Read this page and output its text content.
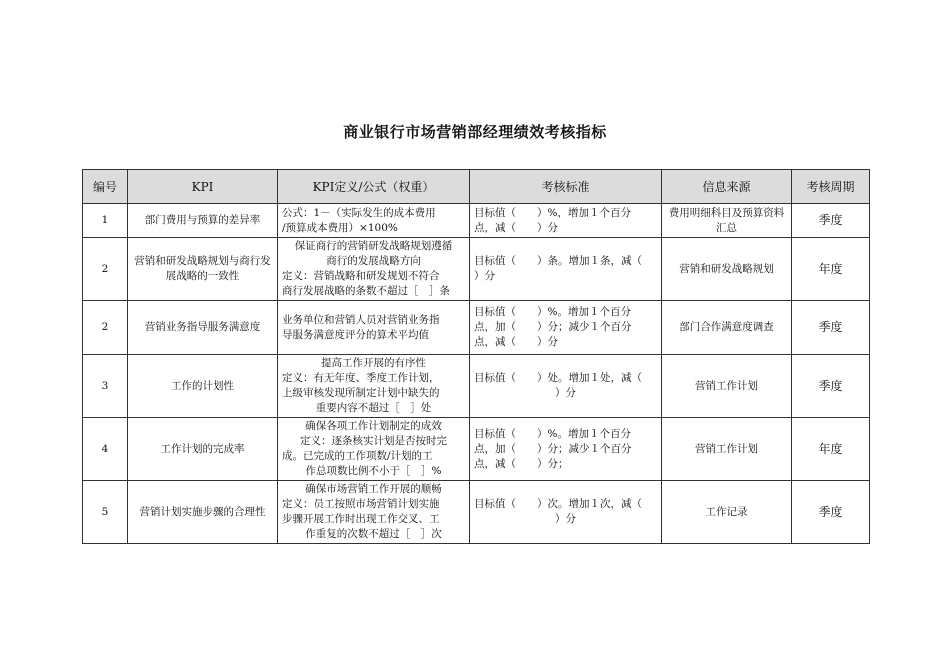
商业银行市场营销部经理绩效考核指标
编号	KPI	KPI定义/公式（权重）	考核标准	信息来源	考核周期
1	部门费用与预算的差异率	公式：1－（实际发生的成本费用
/预算成本费用）×100%	目标值（　　）%，增加１个百分
点，减（　　）分	费用明细科目及预算资料汇总	季度
2	营销和研发战略规划与商行发展战略的一致性	保证商行的营销研发战略规划遵循
商行的发展战略方向
定义：营销战略和研发规划不符合
商行发展战略的条数不超过［　］条	目标值（　　）条。增加１条，减（
）分	营销和研发战略规划	年度
2	营销业务指导服务满意度	业务单位和营销人员对营销业务指
导服务满意度评分的算术平均值	目标值（　　）%。增加１个百分
点，加（　　）分；减少１个百分
点，减（　　）分	部门合作满意度调查	季度
3	工作的计划性	提高工作开展的有序性
定义：有无年度、季度工作计划，
上级审核发现所制定计划中缺失的
重要内容不超过［　］处	目标值（　　）处。增加１处，减（
）分	营销工作计划	季度
4	工作计划的完成率	确保各项工作计划制定的成效
定义：逐条核实计划是否按时完
成。已完成的工作项数/计划的工
作总项数比例不小于［　］%	目标值（　　）%。增加１个百分
点，加（　　）分；减少１个百分
点，减（　　）分；	营销工作计划	年度
5	营销计划实施步骤的合理性	确保市场营销工作开展的顺畅
定义：员工按照市场营销计划实施
步骤开展工作时出现工作交叉、工
作重复的次数不超过［　］次	目标值（　　）次。增加１次，减（
）分	工作记录	季度
